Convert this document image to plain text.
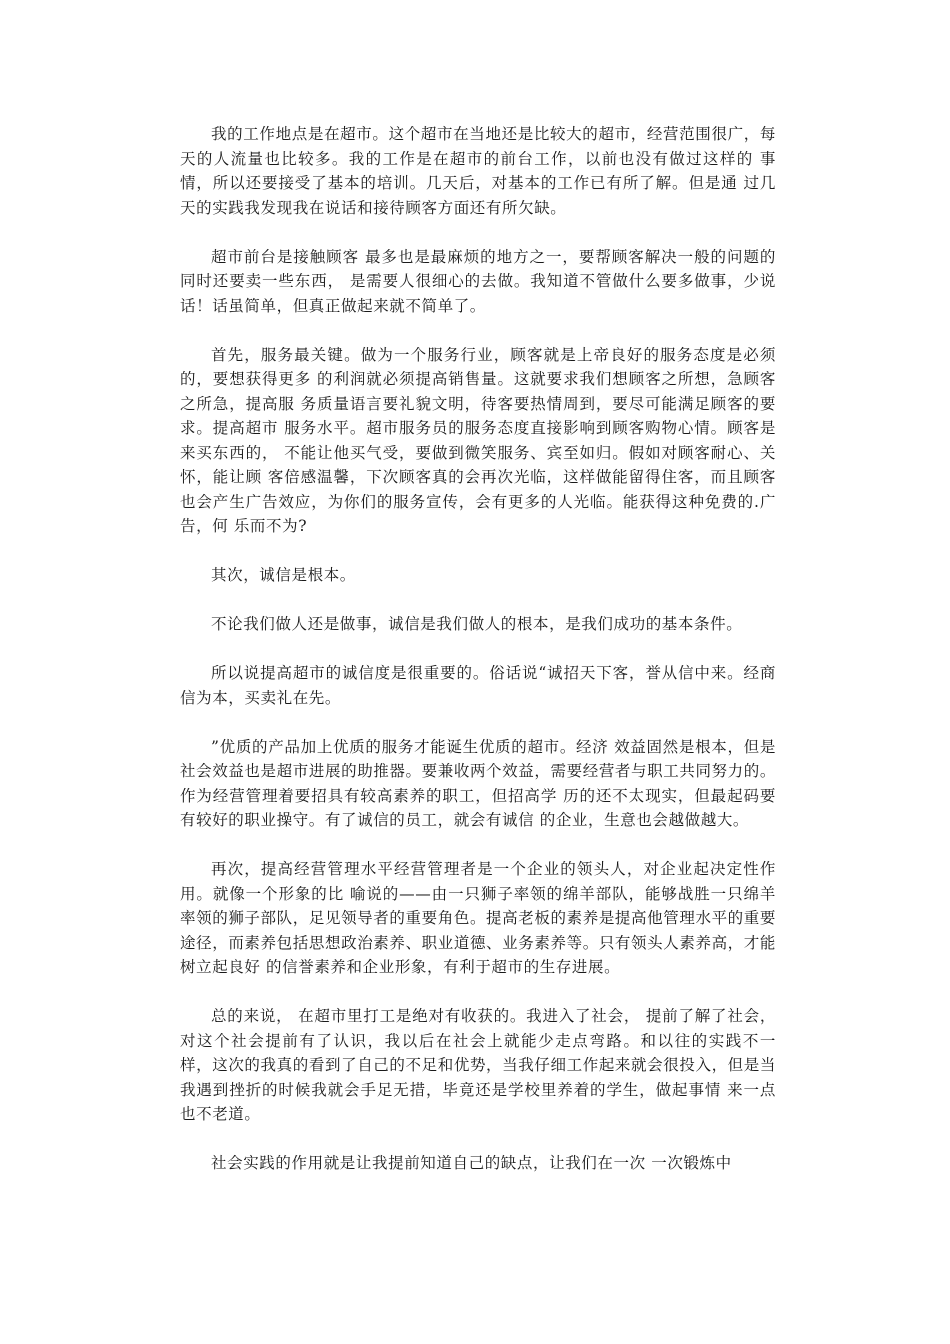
我的工作地点是在超市。这个超市在当地还是比较大的超市，经营范围很广，每天的人流量也比较多。我的工作是在超市的前台工作，以前也没有做过这样的 事情，所以还要接受了基本的培训。几天后，对基本的工作已有所了解。但是通 过几天的实践我发现我在说话和接待顾客方面还有所欠缺。

超市前台是接触顾客 最多也是最麻烦的地方之一，要帮顾客解决一般的问题的同时还要卖一些东西， 是需要人很细心的去做。我知道不管做什么要多做事，少说话！话虽简单，但真正做起来就不简单了。

首先，服务最关键。做为一个服务行业，顾客就是上帝良好的服务态度是必须的，要想获得更多 的利润就必须提高销售量。这就要求我们想顾客之所想，急顾客之所急，提高服 务质量语言要礼貌文明，待客要热情周到，要尽可能满足顾客的要求。提高超市 服务水平。超市服务员的服务态度直接影响到顾客购物心情。顾客是来买东西的， 不能让他买气受，要做到微笑服务、宾至如归。假如对顾客耐心、关怀，能让顾 客倍感温馨，下次顾客真的会再次光临，这样做能留得住客，而且顾客也会产生广告效应，为你们的服务宣传，会有更多的人光临。能获得这种免费的.广告，何 乐而不为?

其次，诚信是根本。

不论我们做人还是做事，诚信是我们做人的根本，是我们成功的基本条件。

所以说提高超市的诚信度是很重要的。俗话说“诚招天下客，誉从信中来。经商信为本，买卖礼在先。

”优质的产品加上优质的服务才能诞生优质的超市。经济 效益固然是根本，但是社会效益也是超市进展的助推器。要兼收两个效益，需要经营者与职工共同努力的。作为经营管理着要招具有较高素养的职工，但招高学 历的还不太现实，但最起码要有较好的职业操守。有了诚信的员工，就会有诚信 的企业，生意也会越做越大。

再次，提高经营管理水平经营管理者是一个企业的领头人，对企业起决定性作用。就像一个形象的比 喻说的——由一只狮子率领的绵羊部队，能够战胜一只绵羊率领的狮子部队，足见领导者的重要角色。提高老板的素养是提高他管理水平的重要途径，而素养包括思想政治素养、职业道德、业务素养等。只有领头人素养高，才能树立起良好 的信誉素养和企业形象，有利于超市的生存进展。

总的来说， 在超市里打工是绝对有收获的。我进入了社会， 提前了解了社会， 对这个社会提前有了认识，我以后在社会上就能少走点弯路。和以往的实践不一 样，这次的我真的看到了自己的不足和优势，当我仔细工作起来就会很投入，但是当我遇到挫折的时候我就会手足无措，毕竟还是学校里养着的学生，做起事情 来一点也不老道。

社会实践的作用就是让我提前知道自己的缺点，让我们在一次 一次锻炼中
